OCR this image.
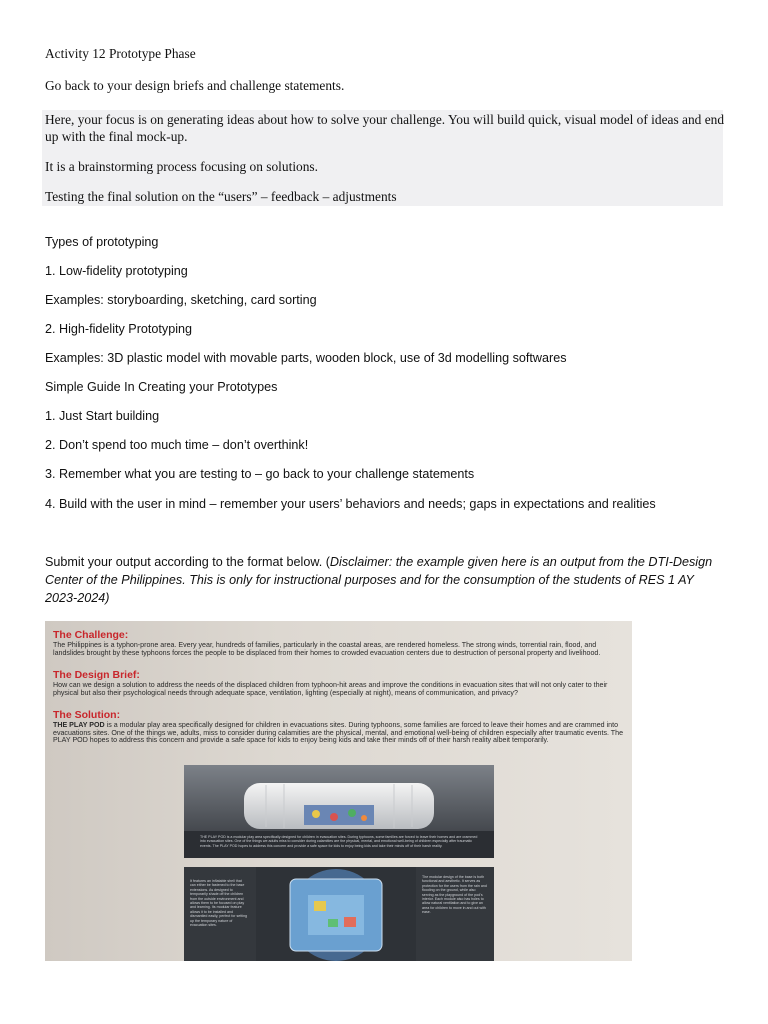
Activity 12 Prototype Phase
Go back to your design briefs and challenge statements.
Here, your focus is on generating ideas about how to solve your challenge. You will build quick, visual model of ideas and end up with the final mock-up.
It is a brainstorming process focusing on solutions.
Testing the final solution on the “users” – feedback – adjustments
Types of prototyping
1. Low-fidelity prototyping
Examples: storyboarding, sketching, card sorting
2. High-fidelity Prototyping
Examples: 3D plastic model with movable parts, wooden block, use of 3d modelling softwares
Simple Guide In Creating your Prototypes
1. Just Start building
2. Don’t spend too much time – don’t overthink!
3. Remember what you are testing to – go back to your challenge statements
4. Build with the user in mind – remember your users’ behaviors and needs; gaps in expectations and realities
Submit your output according to the format below. (Disclaimer: the example given here is an output from the DTI-Design Center of the Philippines. This is only for instructional purposes and for the consumption of the students of RES 1 AY 2023-2024)
The Challenge:
The Philippines is a typhon-prone area. Every year, hundreds of families, particularly in the coastal areas, are rendered homeless. The strong winds, torrential rain, flood, and landslides brought by these typhoons forces the people to be displaced from their homes to crowded evacuation centers due to destruction of personal property and livelihood.
The Design Brief:
How can we design a solution to address the needs of the displaced children from typhoon-hit areas and improve the conditions in evacuation sites that will not only cater to their physical but also their psychological needs through adequate space, ventilation, lighting (especially at night), means of communication, and privacy?
The Solution:
THE PLAY POD is a modular play area specifically designed for children in evacuations sites. During typhoons, some families are forced to leave their homes and are crammed into evacuations sites. One of the things we, adults, miss to consider during calamities are the physical, mental, and emotional well-being of children especially after traumatic events. The PLAY POD hopes to address this concern and provide a safe space for kids to enjoy being kids and take their minds off of their harsh reality albeit temporarily.
THE PLAY POD is a modular play area specifically designed for children in evacuation sites. During typhoons, some families are forced to leave their homes and are crammed into evacuation sites. One of the things we adults miss to consider during calamities are the physical, mental, and emotional well-being of children especially after traumatic events. The PLAY POD hopes to address this concern and provide a safe space for kids to enjoy being kids and take their minds off of their harsh reality.
It features an inflatable shell that can either be fastened to the base extensions. As designed to temporarily shade off the children from the outside environment and allows them to be focused on play and learning. Its modular feature allows it to be installed and dismantled easily, perfect for setting up the temporary nature of evacuation sites.
The modular design of the base is both functional and aesthetic. It serves as protection for the users from the rain and flooding on the ground, while also serving as the playground of the pod's interior. Each module also has holes to allow natural ventilation and to give an area for children to move in and out with ease.
